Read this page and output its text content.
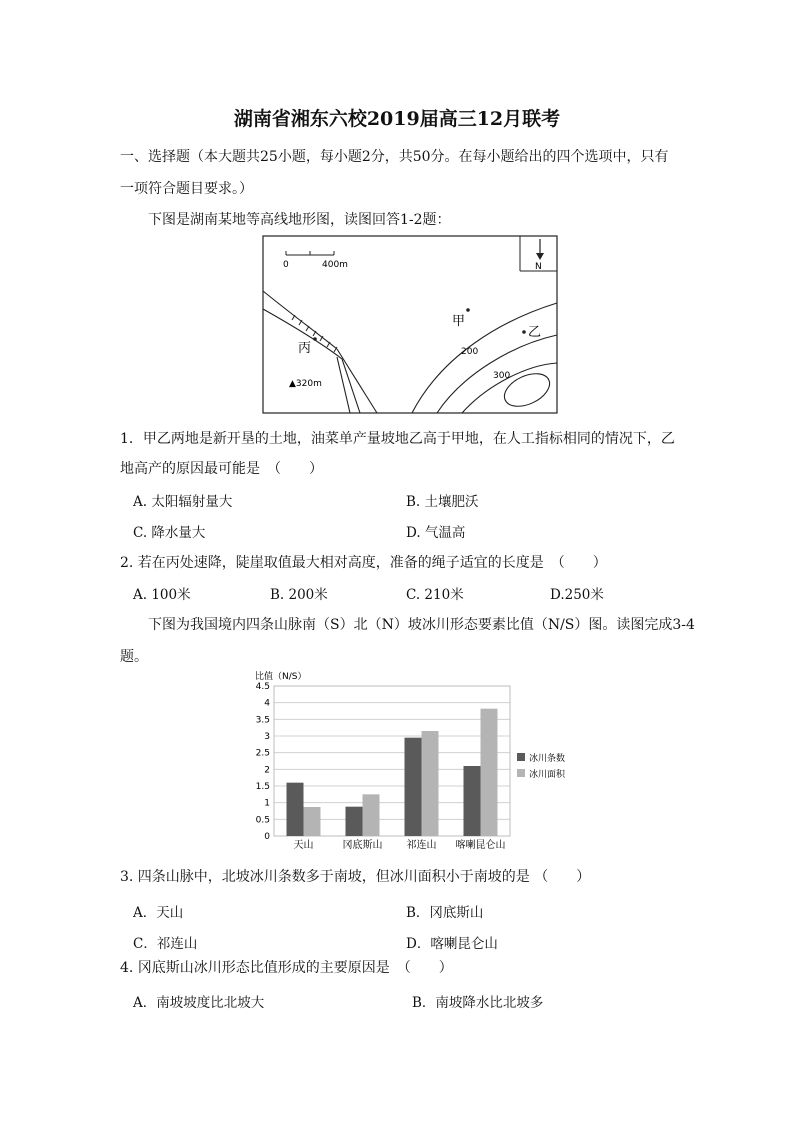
湖南省湘东六校2019届高三12月联考
一、选择题（本大题共25小题，每小题2分，共50分。在每小题给出的四个选项中，只有
一项符合题目要求。）
下图是湖南某地等高线地形图，读图回答1-2题：
0	400m	N
甲
乙
丙	200
300
▲320m
1．甲乙两地是新开垦的土地，油菜单产量坡地乙高于甲地，在人工指标相同的情况下，乙
地高产的原因最可能是　（　　）
A. 太阳辐射量大	B. 土壤肥沃
C. 降水量大	D. 气温高
2. 若在丙处速降，陡崖取值最大相对高度，准备的绳子适宜的长度是　（　　）
A. 100米	B. 200米	C. 210米	D.250米
下图为我国境内四条山脉南（S）北（N）坡冰川形态要素比值（N/S）图。读图完成3-4
题。
比值（N/S）
0
0.5
1
1.5
2
2.5
3
3.5
4
4.5
天山	冈底斯山 祁连山 喀喇昆仑山
冰川条数
冰川面积
3. 四条山脉中，北坡冰川条数多于南坡，但冰川面积小于南坡的是 （　　）
A．天山	B．冈底斯山
C．祁连山	D．喀喇昆仑山
4. 冈底斯山冰川形态比值形成的主要原因是　（　　）
A．南坡坡度比北坡大	B．南坡降水比北坡多
